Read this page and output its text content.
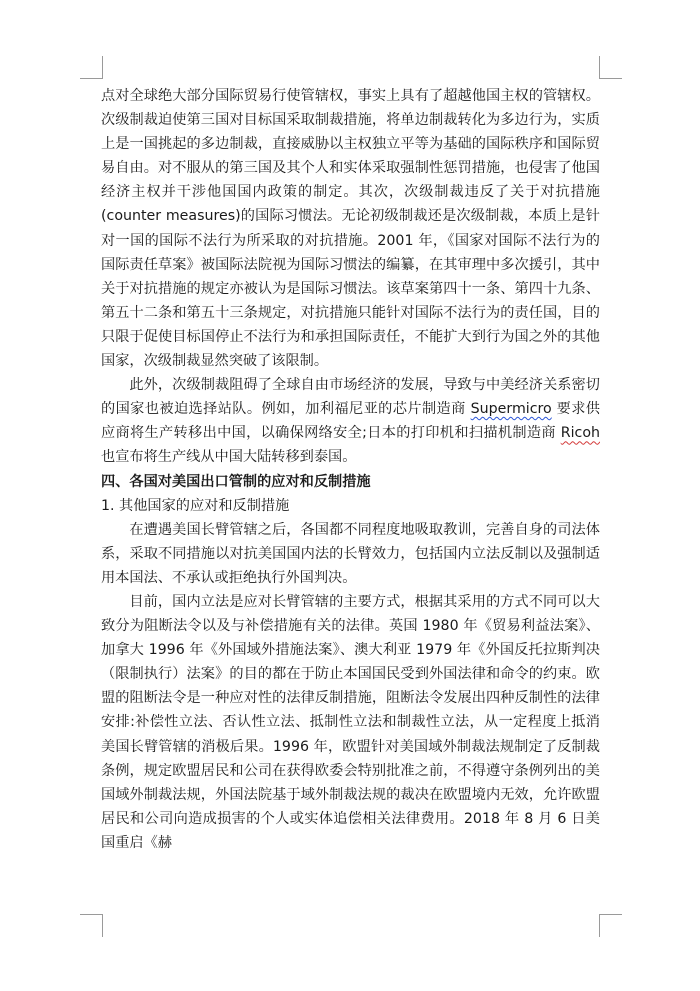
点对全球绝大部分国际贸易行使管辖权，事实上具有了超越他国主权的管辖权。次级制裁迫使第三国对目标国采取制裁措施，将单边制裁转化为多边行为，实质上是一国挑起的多边制裁，直接威胁以主权独立平等为基础的国际秩序和国际贸易自由。对不服从的第三国及其个人和实体采取强制性惩罚措施，也侵害了他国经济主权并干涉他国国内政策的制定。其次，次级制裁违反了关于对抗措施(counter measures)的国际习惯法。无论初级制裁还是次级制裁，本质上是针对一国的国际不法行为所采取的对抗措施。2001 年，《国家对国际不法行为的国际责任草案》被国际法院视为国际习惯法的编纂，在其审理中多次援引，其中关于对抗措施的规定亦被认为是国际习惯法。该草案第四十一条、第四十九条、第五十二条和第五十三条规定，对抗措施只能针对国际不法行为的责任国，目的只限于促使目标国停止不法行为和承担国际责任，不能扩大到行为国之外的其他国家，次级制裁显然突破了该限制。

此外，次级制裁阻碍了全球自由市场经济的发展，导致与中美经济关系密切的国家也被迫选择站队。例如，加利福尼亚的芯片制造商 Supermicro 要求供应商将生产转移出中国，以确保网络安全;日本的打印机和扫描机制造商 Ricoh 也宣布将生产线从中国大陆转移到泰国。

四、各国对美国出口管制的应对和反制措施

1. 其他国家的应对和反制措施

在遭遇美国长臂管辖之后，各国都不同程度地吸取教训，完善自身的司法体系，采取不同措施以对抗美国国内法的长臂效力，包括国内立法反制以及强制适用本国法、不承认或拒绝执行外国判决。

目前，国内立法是应对长臂管辖的主要方式，根据其采用的方式不同可以大致分为阻断法令以及与补偿措施有关的法律。英国 1980 年《贸易利益法案》、加拿大 1996 年《外国域外措施法案》、澳大利亚 1979 年《外国反托拉斯判决（限制执行）法案》的目的都在于防止本国国民受到外国法律和命令的约束。欧盟的阻断法令是一种应对性的法律反制措施，阻断法令发展出四种反制性的法律安排:补偿性立法、否认性立法、抵制性立法和制裁性立法，从一定程度上抵消美国长臂管辖的消极后果。1996 年，欧盟针对美国域外制裁法规制定了反制裁条例，规定欧盟居民和公司在获得欧委会特别批准之前，不得遵守条例列出的美国域外制裁法规，外国法院基于域外制裁法规的裁决在欧盟境内无效，允许欧盟居民和公司向造成损害的个人或实体追偿相关法律费用。2018 年 8 月 6 日美国重启《赫
